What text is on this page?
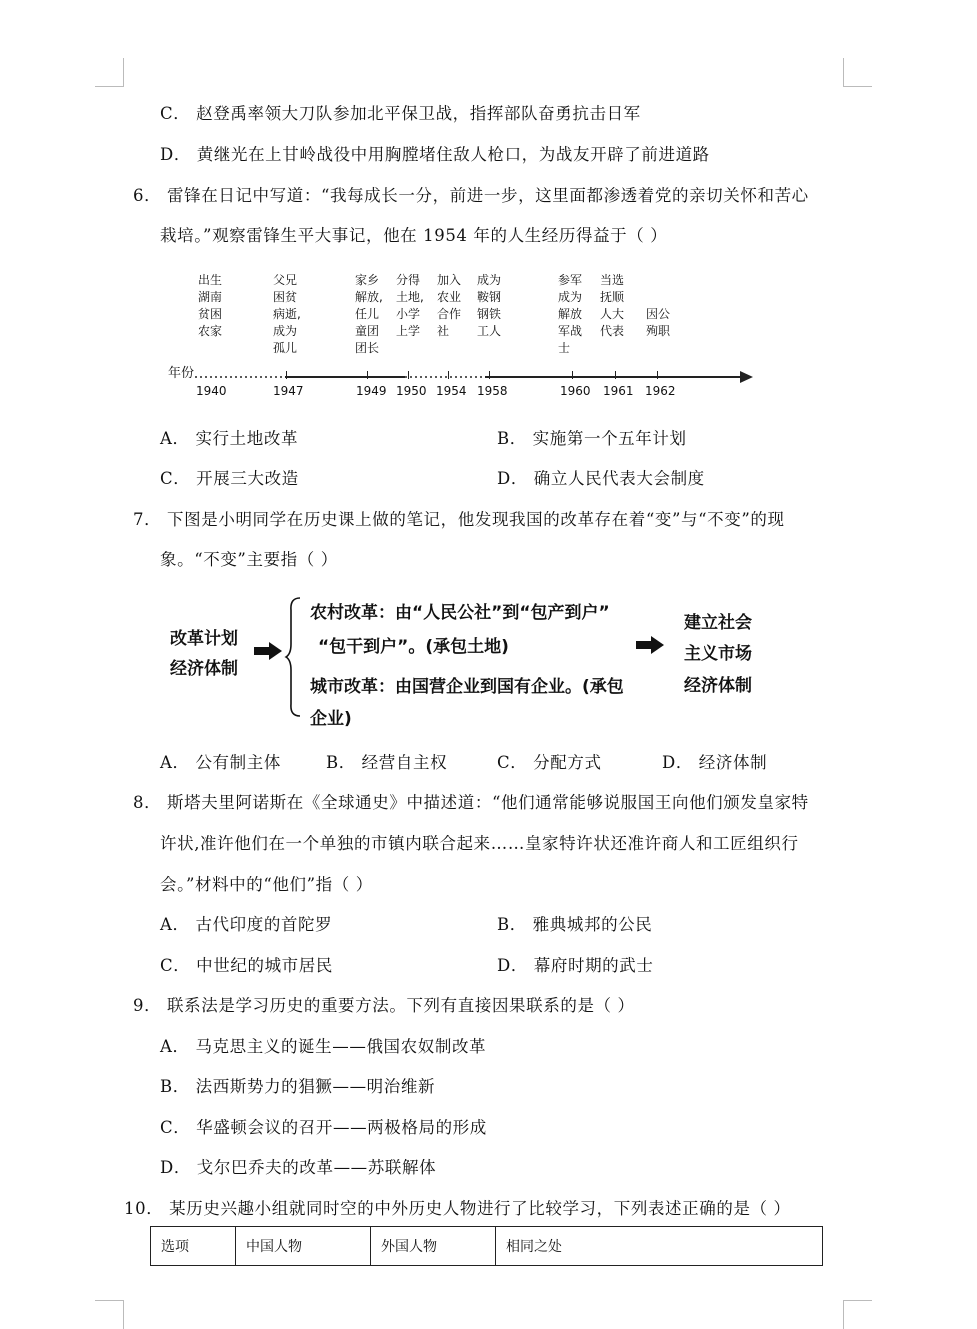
C． 赵登禹率领大刀队参加北平保卫战，指挥部队奋勇抗击日军
D． 黄继光在上甘岭战役中用胸膛堵住敌人枪口，为战友开辟了前进道路
6． 雷锋在日记中写道：“我每成长一分，前进一步，这里面都渗透着党的亲切关怀和苦心
栽培。”观察雷锋生平大事记，他在 1954 年的人生经历得益于（ ）
出生
湖南
贫困
农家
父兄
困贫
病逝,
成为
孤儿
家乡
解放,
任儿
童团
团长
分得
土地,
小学
上学
加入
农业
合作
社
成为
鞍钢
钢铁
工人
参军
成为
解放
军战
士
当选
抚顺
人大
代表
因公
殉职
年份
1940	1947	1949 1950 1954 1958	1960 1961 1962
A． 实行土地改革	B． 实施第一个五年计划
C． 开展三大改造	D． 确立人民代表大会制度
7． 下图是小明同学在历史课上做的笔记，他发现我国的改革存在着“变”与“不变”的现
象。“不变”主要指（ ）
改革计划
经济体制
农村改革：由“人民公社”到“包产到户”
“包干到户”。(承包土地)
城市改革：由国营企业到国有企业。(承包
企业)
建立社会
主义市场
经济体制
A． 公有制主体	B． 经营自主权	C． 分配方式	D． 经济体制
8． 斯塔夫里阿诺斯在《全球通史》中描述道：“他们通常能够说服国王向他们颁发皇家特
许状,准许他们在一个单独的市镇内联合起来……皇家特许状还准许商人和工匠组织行
会。”材料中的“他们”指（ ）
A． 古代印度的首陀罗	B． 雅典城邦的公民
C． 中世纪的城市居民	D． 幕府时期的武士
9． 联系法是学习历史的重要方法。下列有直接因果联系的是（ ）
A． 马克思主义的诞生——俄国农奴制改革
B． 法西斯势力的猖獗——明治维新
C． 华盛顿会议的召开——两极格局的形成
D． 戈尔巴乔夫的改革——苏联解体
10． 某历史兴趣小组就同时空的中外历史人物进行了比较学习，下列表述正确的是（ ）
选项	中国人物	外国人物	相同之处
